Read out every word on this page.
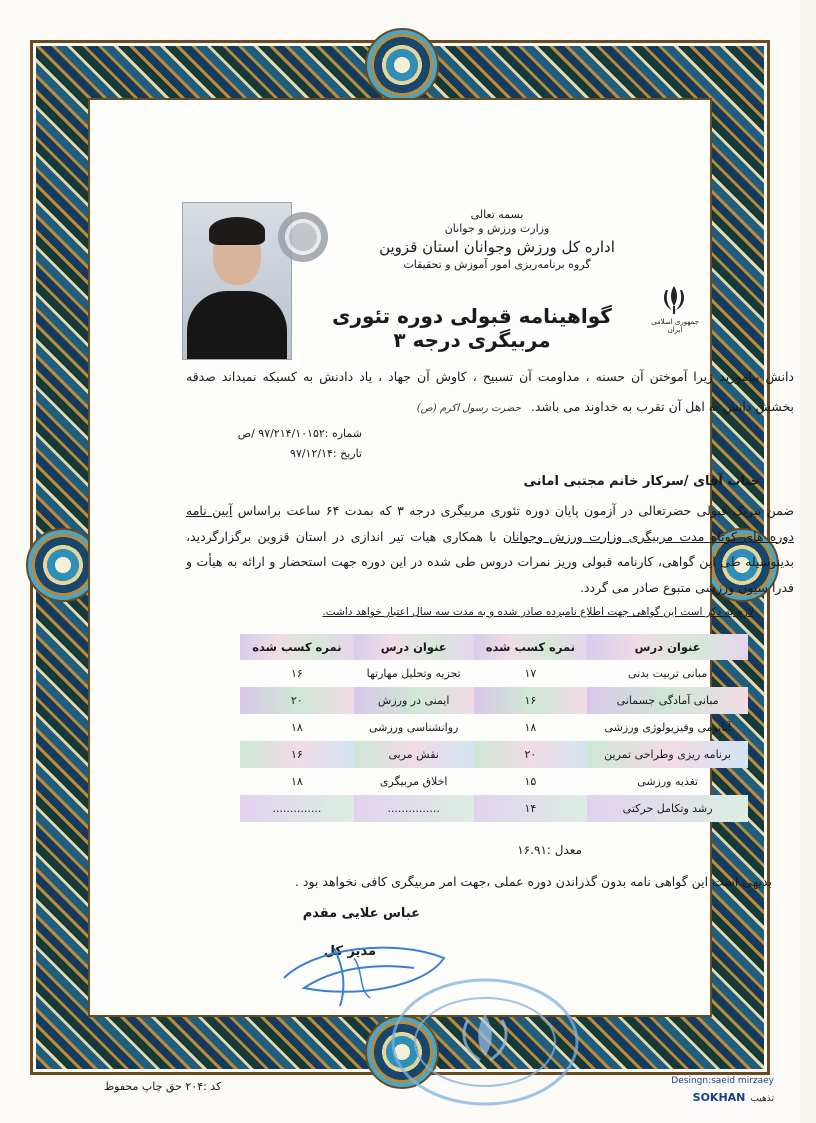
بسمه تعالی
وزارت ورزش و جوانان
اداره کل ورزش وجوانان استان قزوین
گروه برنامه‌ریزی امور آموزش و تحقیقات
جمهوری اسلامی ایران
گواهینامه قبولی دوره تئوری مربیگری درجه ۳
دانش بیاموزید زیرا آموختن آن حسنه ، مداومت آن تسبیح ، کاوش آن جهاد ، یاد دادنش به کسیکه نمیداند صدقه بخشش دانش به اهل آن تقرب به خداوند می باشد. حضرت رسول اکرم (ص)
شماره :۹۷/۲۱۴/۱۰۱۵۲ /ص
تاریخ :۹۷/۱۲/۱۴
جناب آقای /سرکار خانم مجتبی امانی
ضمن تبریک قبولی حضرتعالی در آزمون پایان دوره تئوری مربیگری درجه ۳ که بمدت ۶۴ ساعت براساس آیین نامه دوره های کوتاه مدت مربیگری وزارت ورزش وجوانان با همکاری هیات تیر اندازی در استان قزوین برگزارگردید، بدینوسیله طی این گواهی، کارنامه قبولی وریز نمرات دروس طی شده در این دوره جهت استحضار و ارائه به هیأت و فدرا سیون ورزشی متبوع صادر می گردد.
لازم به ذکر است این گواهی جهت اطلاع نامبرده صادر شده و به مدت سه سال اعتبار خواهد داشت.
عنوان درس	نمره کسب شده	عنوان درس	نمره کسب شده
مبانی تربیت بدنی	۱۷	تجزیه وتحلیل مهارتها	۱۶
مبانی آمادگی جسمانی	۱۶	ایمنی در ورزش	۲۰
آناتومی وفیزیولوژی ورزشی	۱۸	روانشناسی ورزشی	۱۸
برنامه ریزی وطراحی تمرین	۲۰	نقش مربی	۱۶
تغذیه ورزشی	۱۵	اخلاق مربیگری	۱۸
رشد وتکامل حرکتی	۱۴	...............	..............
معدل :۱۶.۹۱
بدیهی است این گواهی نامه بدون گذراندن دوره عملی ،جهت امر مربیگری کافی نخواهد بود .
عباس علایی مقدم
مدیر کل
کد :۲۰۴ حق چاپ محفوظ	Desingn:saeid mirzaey
SOKHAN تذهیب
